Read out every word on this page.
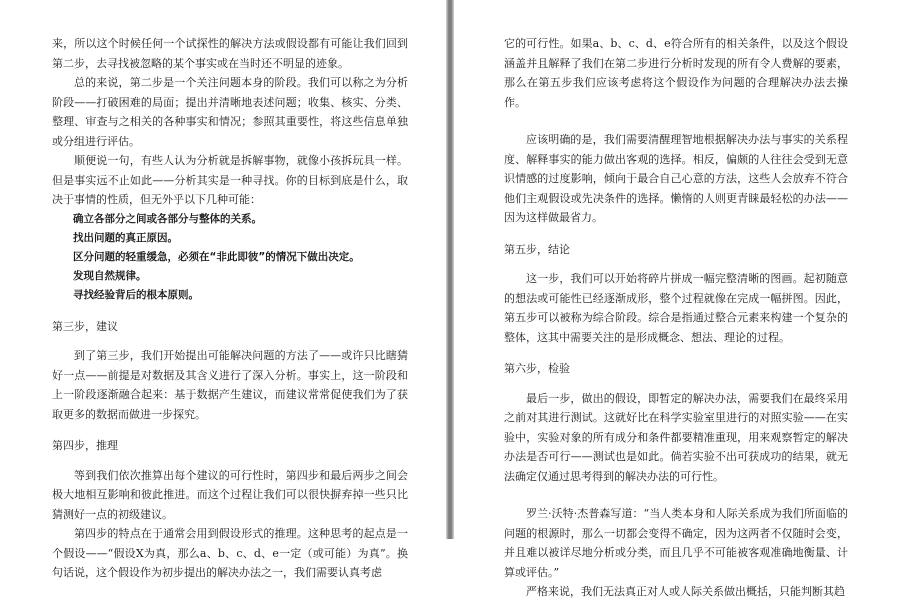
来，所以这个时候任何一个试探性的解决方法或假设都有可能让我们回到第二步，去寻找被忽略的某个事实或在当时还不明显的迹象。

总的来说，第二步是一个关注问题本身的阶段。我们可以称之为分析阶段——打破困难的局面；提出并清晰地表述问题；收集、核实、分类、整理、审查与之相关的各种事实和情况；参照其重要性，将这些信息单独或分组进行评估。

顺便说一句，有些人认为分析就是拆解事物，就像小孩拆玩具一样。但是事实远不止如此——分析其实是一种寻找。你的目标到底是什么，取决于事情的性质，但无外乎以下几种可能：

确立各部分之间或各部分与整体的关系。
找出问题的真正原因。
区分问题的轻重缓急，必须在“非此即彼”的情况下做出决定。
发现自然规律。
寻找经验背后的根本原则。

第三步，建议

到了第三步，我们开始提出可能解决问题的方法了——或许只比瞎猜好一点——前提是对数据及其含义进行了深入分析。事实上，这一阶段和上一阶段逐渐融合起来：基于数据产生建议，而建议常常促使我们为了获取更多的数据而做进一步探究。

第四步，推理

等到我们依次推算出每个建议的可行性时，第四步和最后两步之间会极大地相互影响和彼此推进。而这个过程让我们可以很快摒弃掉一些只比猜测好一点的初级建议。

第四步的特点在于通常会用到假设形式的推理。这种思考的起点是一个假设——“假设X为真，那么a、b、c、d、e一定（或可能）为真”。换句话说，这个假设作为初步提出的解决办法之一，我们需要认真考虑

它的可行性。如果a、b、c、d、e符合所有的相关条件，以及这个假设涵盖并且解释了我们在第二步进行分析时发现的所有令人费解的要素，那么在第五步我们应该考虑将这个假设作为问题的合理解决办法去操作。

应该明确的是，我们需要清醒理智地根据解决办法与事实的关系程度、解释事实的能力做出客观的选择。相反，偏颇的人往往会受到无意识情感的过度影响，倾向于最合自己心意的方法，这些人会放弃不符合他们主观假设或先决条件的选择。懒惰的人则更青睐最轻松的办法——因为这样做最省力。

第五步，结论

这一步，我们可以开始将碎片拼成一幅完整清晰的图画。起初随意的想法或可能性已经逐渐成形，整个过程就像在完成一幅拼图。因此，第五步可以被称为综合阶段。综合是指通过整合元素来构建一个复杂的整体，这其中需要关注的是形成概念、想法、理论的过程。

第六步，检验

最后一步，做出的假设，即暂定的解决办法，需要我们在最终采用之前对其进行测试。这就好比在科学实验室里进行的对照实验——在实验中，实验对象的所有成分和条件都要精准重现，用来观察暂定的解决办法是否可行——测试也是如此。倘若实验不出可获成功的结果，就无法确定仅通过思考得到的解决办法的可行性。

罗兰·沃特·杰普森写道：“当人类本身和人际关系成为我们所面临的问题的根源时，那么一切都会变得不确定，因为这两者不仅随时会变，并且难以被详尽地分析或分类，而且几乎不可能被客观准确地衡量、计算或评估。”

严格来说，我们无法真正对人或人际关系做出概括，只能判断其趋
